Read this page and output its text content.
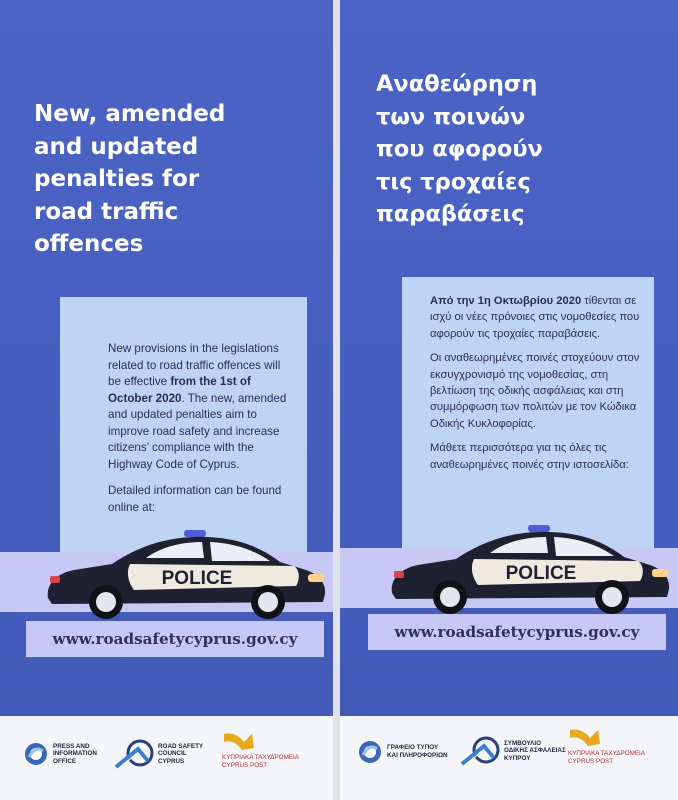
New, amended
and updated
penalties for
road traffic
offences

New provisions in the legislations related to road traffic offences will be effective from the 1st of October 2020. The new, amended and updated penalties aim to improve road safety and increase citizens’ compliance with the Highway Code of Cyprus.

Detailed information can be found online at:

POLICE
www.roadsafetycyprus.gov.cy
PRESS AND
INFORMATION
OFFICE
ROAD SAFETY
COUNCIL
CYPRUS
ΚΥΠΡΙΑΚΑ ΤΑΧΥΔΡΟΜΕΙΑ
CYPRUS POST
Αναθεώρηση
των ποινών
που αφορούν
τις τροχαίες
παραβάσεις

Από την 1η Οκτωβρίου 2020 τίθενται σε ισχύ οι νέες πρόνοιες στις νομοθεσίες που αφορούν τις τροχαίες παραβάσεις.

Οι αναθεωρημένες ποινές στοχεύουν στον εκσυγχρονισμό της νομοθεσίας, στη βελτίωση της οδικής ασφάλειας και στη συμμόρφωση των πολιτών με τον Κώδικα Οδικής Κυκλοφορίας.

Μάθετε περισσότερα για τις όλες τις αναθεωρημένες ποινές στην ιστοσελίδα:

POLICE
www.roadsafetycyprus.gov.cy
ΓΡΑΦΕΙΟ ΤΥΠΟΥ
ΚΑΙ ΠΛΗΡΟΦΟΡΙΩΝ
ΣΥΜΒΟΥΛΙΟ
ΟΔΙΚΗΣ ΑΣΦΑΛΕΙΑΣ
ΚΥΠΡΟΥ
ΚΥΠΡΙΑΚΑ ΤΑΧΥΔΡΟΜΕΙΑ
CYPRUS POST
